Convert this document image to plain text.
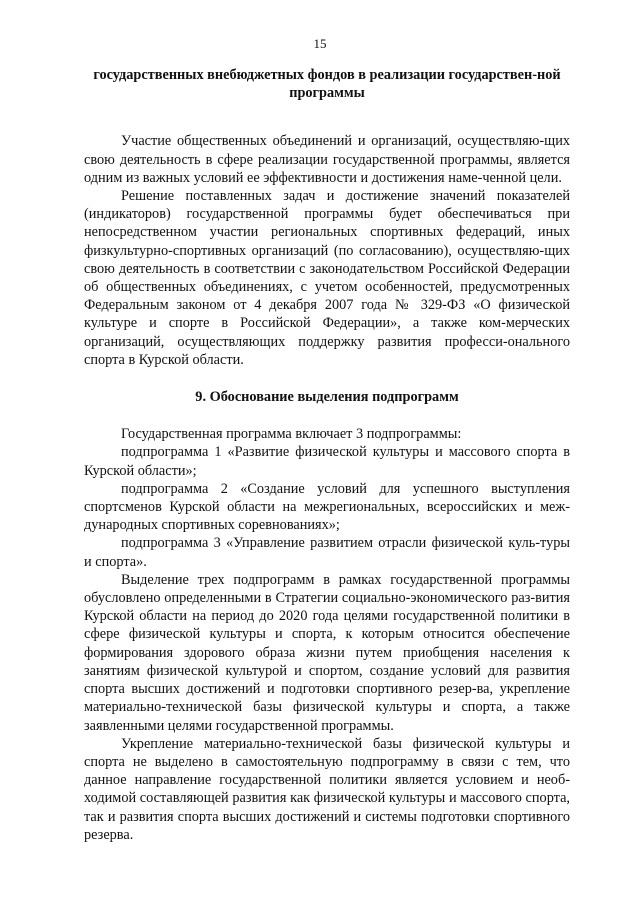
15

государственных внебюджетных фондов в реализации государствен-ной программы

Участие общественных объединений и организаций, осуществляю-щих свою деятельность в сфере реализации государственной программы, является одним из важных условий ее эффективности и достижения наме-ченной цели.

Решение поставленных задач и достижение значений показателей (индикаторов) государственной программы будет обеспечиваться при непосредственном участии региональных спортивных федераций, иных физкультурно-спортивных организаций (по согласованию), осуществляю-щих свою деятельность в соответствии с законодательством Российской Федерации об общественных объединениях, с учетом особенностей, предусмотренных Федеральным законом от 4 декабря 2007 года № 329-ФЗ «О физической культуре и спорте в Российской Федерации», а также ком-мерческих организаций, осуществляющих поддержку развития професси-онального спорта в Курской области.

9. Обоснование выделения подпрограмм

Государственная программа включает 3 подпрограммы:

подпрограмма 1 «Развитие физической культуры и массового спорта в Курской области»;

подпрограмма 2 «Создание условий для успешного выступления спортсменов Курской области на межрегиональных, всероссийских и меж-дународных спортивных соревнованиях»;

подпрограмма 3 «Управление развитием отрасли физической куль-туры и спорта».

Выделение трех подпрограмм в рамках государственной программы обусловлено определенными в Стратегии социально-экономического раз-вития Курской области на период до 2020 года целями государственной политики в сфере физической культуры и спорта, к которым относится обеспечение формирования здорового образа жизни путем приобщения населения к занятиям физической культурой и спортом, создание условий для развития спорта высших достижений и подготовки спортивного резер-ва, укрепление материально-технической базы физической культуры и спорта, а также заявленными целями государственной программы.

Укрепление материально-технической базы физической культуры и спорта не выделено в самостоятельную подпрограмму в связи с тем, что данное направление государственной политики является условием и необ-ходимой составляющей развития как физической культуры и массового спорта, так и развития спорта высших достижений и системы подготовки спортивного резерва.
